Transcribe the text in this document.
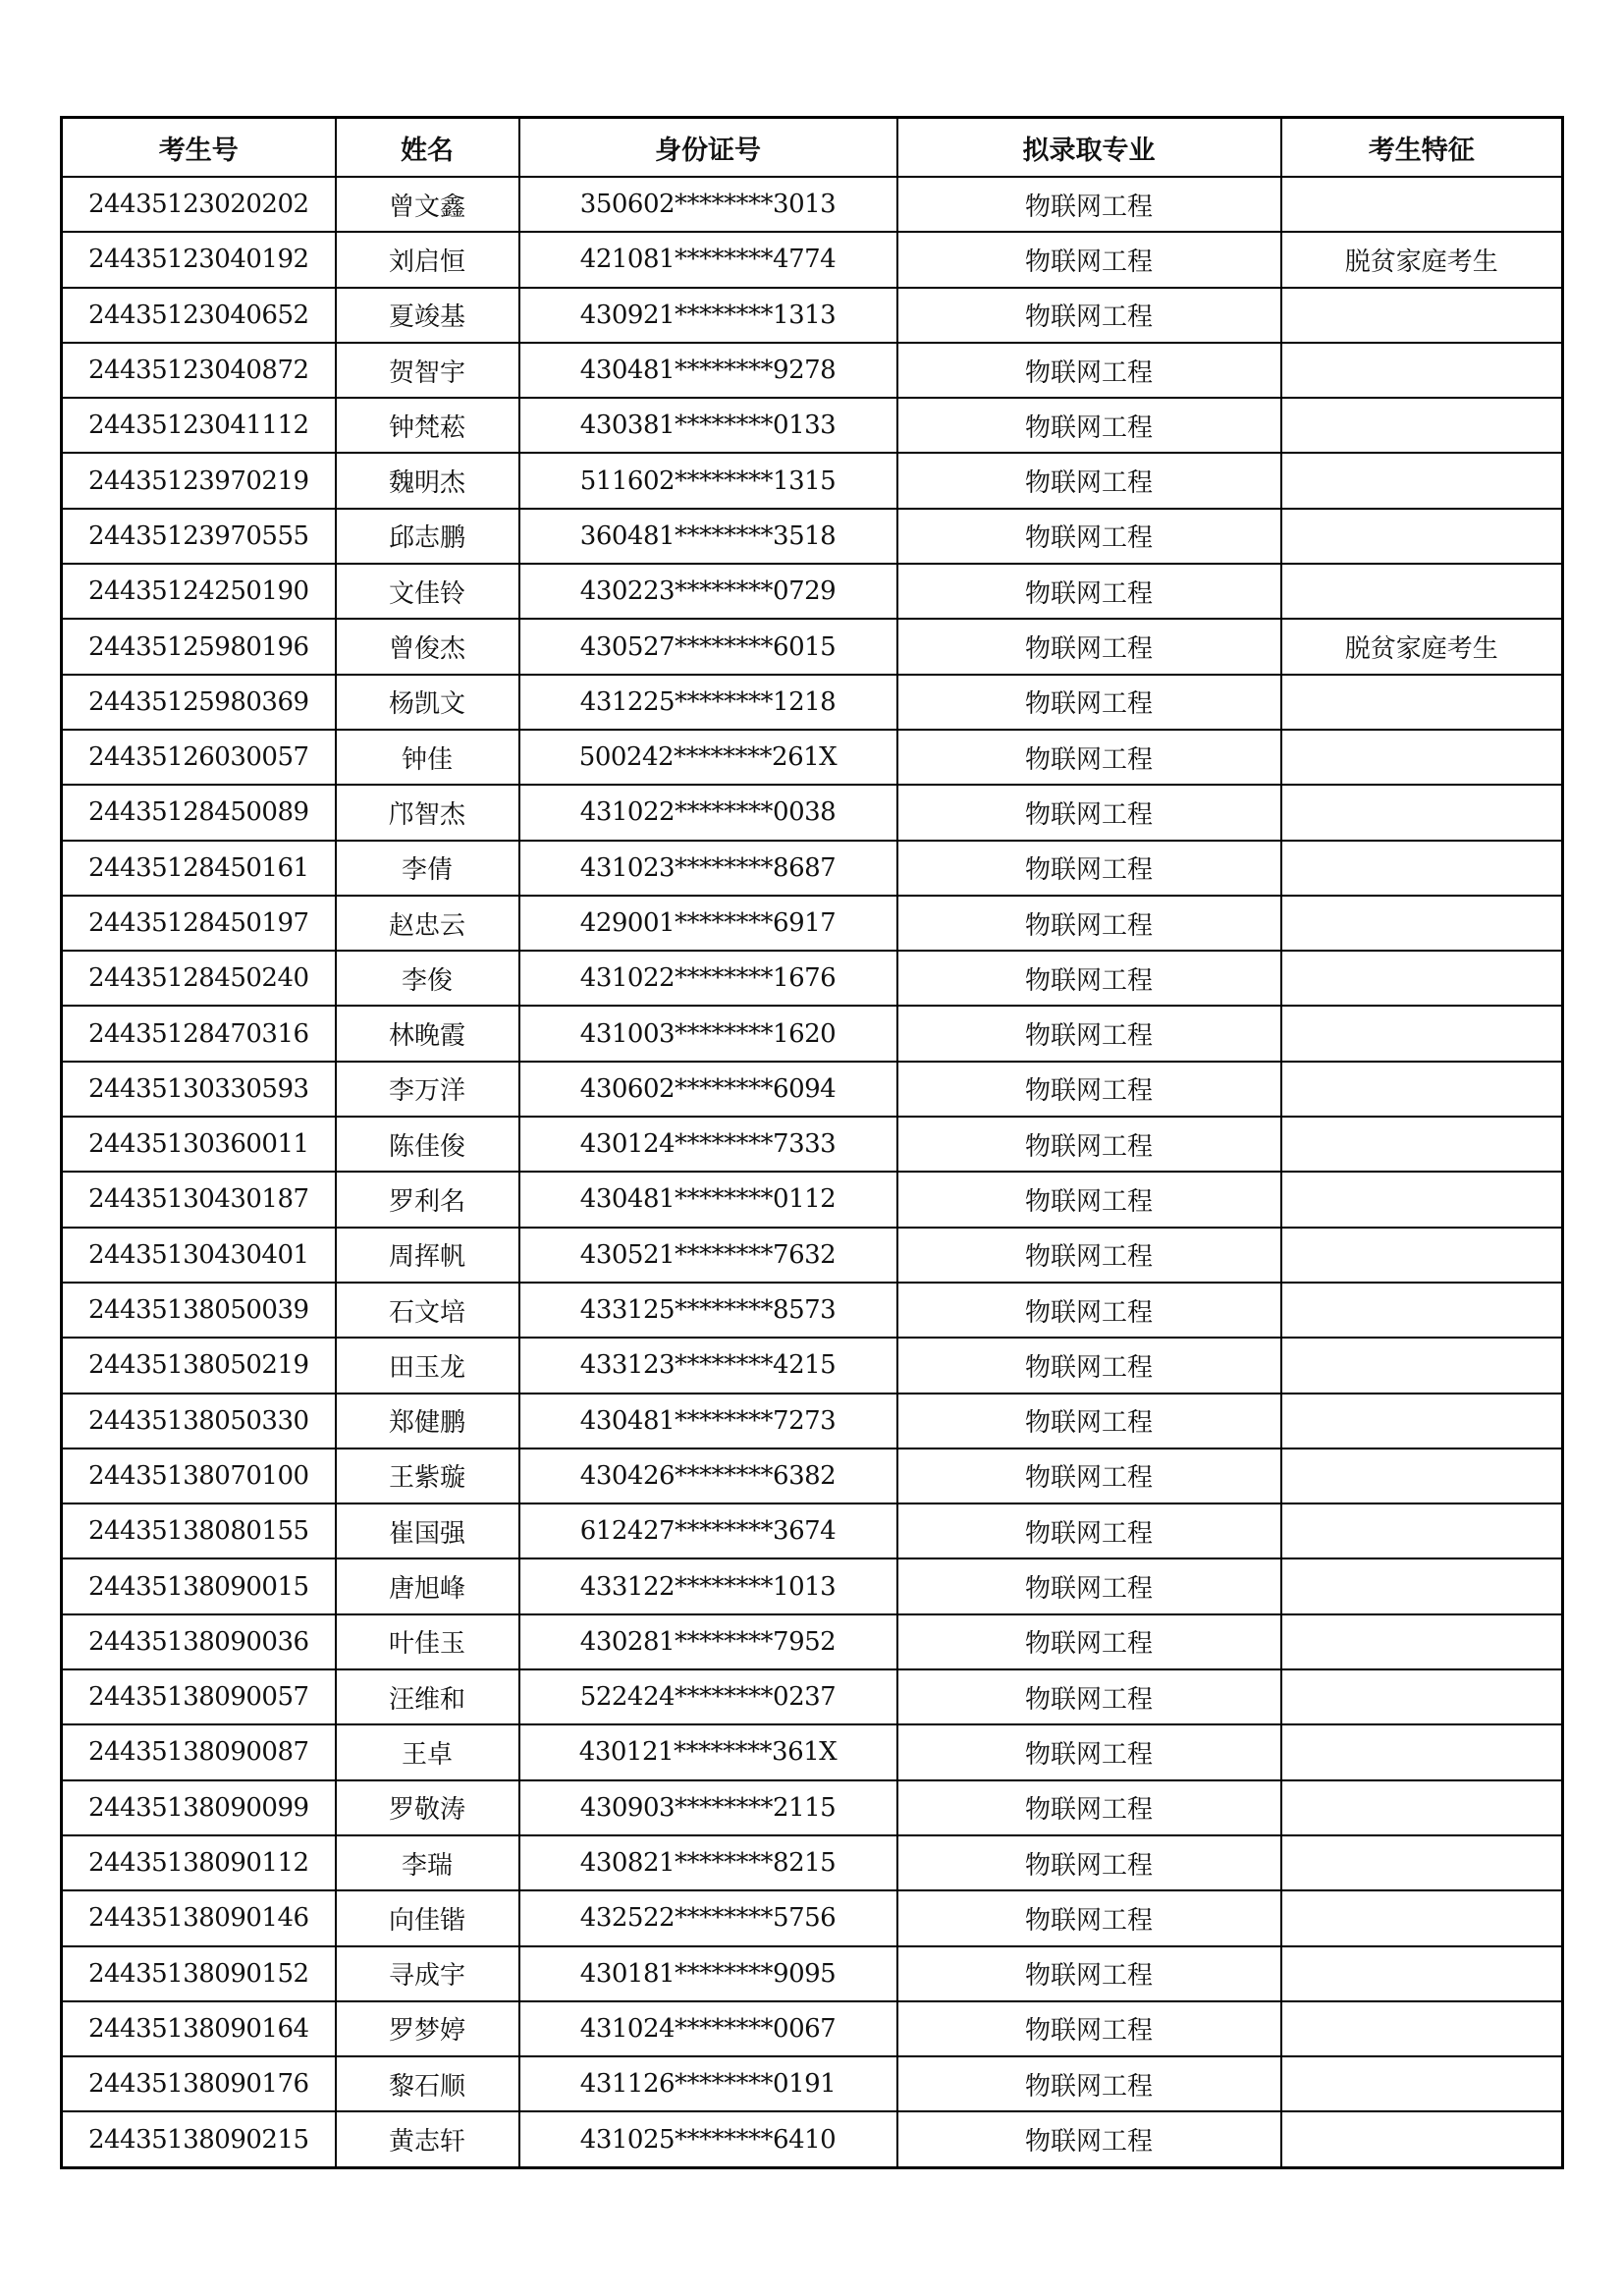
考生号	姓名	身份证号	拟录取专业	考生特征
24435123020202	曾文鑫	350602********3013	物联网工程	
24435123040192	刘启恒	421081********4774	物联网工程	脱贫家庭考生
24435123040652	夏竣基	430921********1313	物联网工程	
24435123040872	贺智宇	430481********9278	物联网工程	
24435123041112	钟梵菘	430381********0133	物联网工程	
24435123970219	魏明杰	511602********1315	物联网工程	
24435123970555	邱志鹏	360481********3518	物联网工程	
24435124250190	文佳铃	430223********0729	物联网工程	
24435125980196	曾俊杰	430527********6015	物联网工程	脱贫家庭考生
24435125980369	杨凯文	431225********1218	物联网工程	
24435126030057	钟佳	500242********261X	物联网工程	
24435128450089	邝智杰	431022********0038	物联网工程	
24435128450161	李倩	431023********8687	物联网工程	
24435128450197	赵忠云	429001********6917	物联网工程	
24435128450240	李俊	431022********1676	物联网工程	
24435128470316	林晚霞	431003********1620	物联网工程	
24435130330593	李万洋	430602********6094	物联网工程	
24435130360011	陈佳俊	430124********7333	物联网工程	
24435130430187	罗利名	430481********0112	物联网工程	
24435130430401	周挥帆	430521********7632	物联网工程	
24435138050039	石文培	433125********8573	物联网工程	
24435138050219	田玉龙	433123********4215	物联网工程	
24435138050330	郑健鹏	430481********7273	物联网工程	
24435138070100	王紫璇	430426********6382	物联网工程	
24435138080155	崔国强	612427********3674	物联网工程	
24435138090015	唐旭峰	433122********1013	物联网工程	
24435138090036	叶佳玉	430281********7952	物联网工程	
24435138090057	汪维和	522424********0237	物联网工程	
24435138090087	王卓	430121********361X	物联网工程	
24435138090099	罗敬涛	430903********2115	物联网工程	
24435138090112	李瑞	430821********8215	物联网工程	
24435138090146	向佳锴	432522********5756	物联网工程	
24435138090152	寻成宇	430181********9095	物联网工程	
24435138090164	罗梦婷	431024********0067	物联网工程	
24435138090176	黎石顺	431126********0191	物联网工程	
24435138090215	黄志轩	431025********6410	物联网工程	
